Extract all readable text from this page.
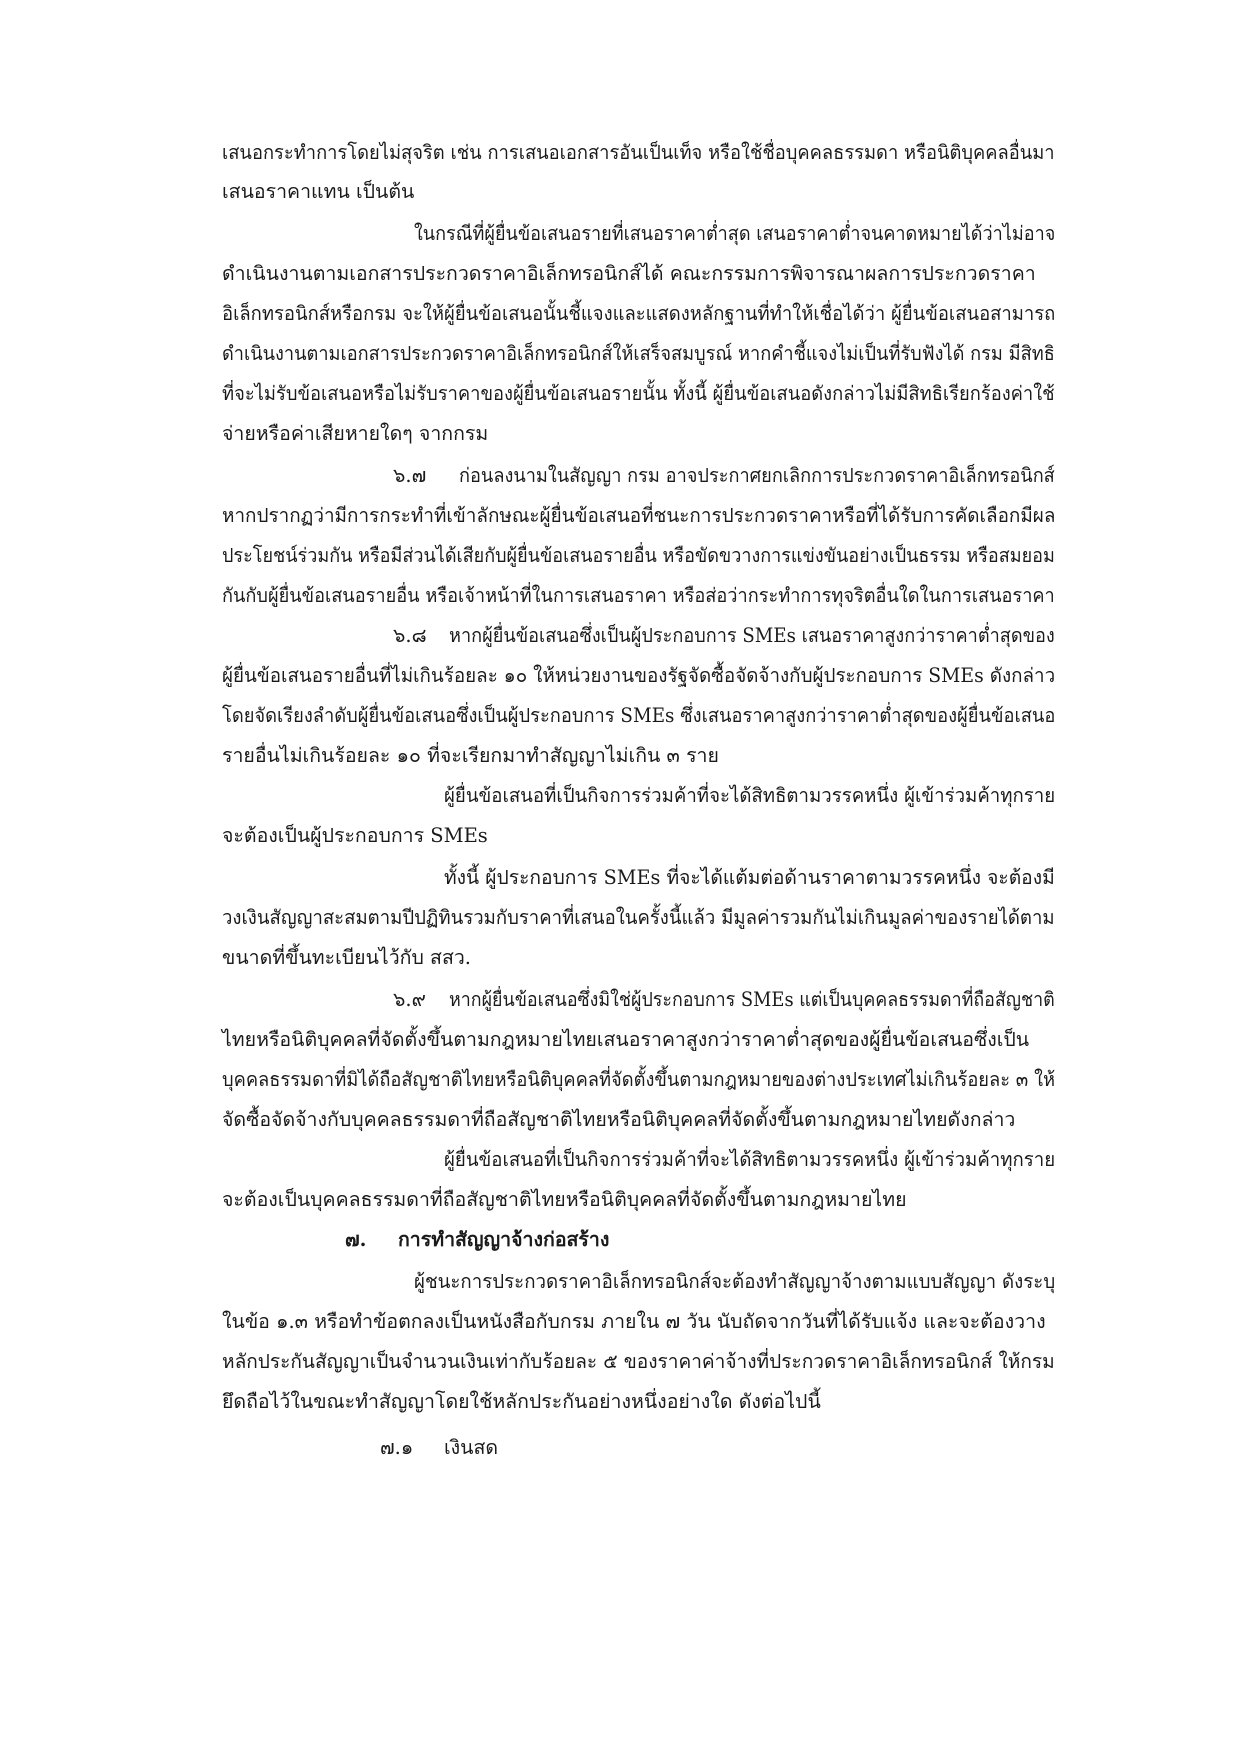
เสนอกระทำการโดยไม่สุจริต เช่น การเสนอเอกสารอันเป็นเท็จ หรือใช้ชื่อบุคคลธรรมดา หรือนิติบุคคลอื่นมา
เสนอราคาแทน เป็นต้น
ในกรณีที่ผู้ยื่นข้อเสนอรายที่เสนอราคาต่ำสุด เสนอราคาต่ำจนคาดหมายได้ว่าไม่อาจ
ดำเนินงานตามเอกสารประกวดราคาอิเล็กทรอนิกส์ได้ คณะกรรมการพิจารณาผลการประกวดราคา
อิเล็กทรอนิกส์หรือกรม จะให้ผู้ยื่นข้อเสนอนั้นชี้แจงและแสดงหลักฐานที่ทำให้เชื่อได้ว่า ผู้ยื่นข้อเสนอสามารถ
ดำเนินงานตามเอกสารประกวดราคาอิเล็กทรอนิกส์ให้เสร็จสมบูรณ์ หากคำชี้แจงไม่เป็นที่รับฟังได้ กรม มีสิทธิ
ที่จะไม่รับข้อเสนอหรือไม่รับราคาของผู้ยื่นข้อเสนอรายนั้น ทั้งนี้ ผู้ยื่นข้อเสนอดังกล่าวไม่มีสิทธิเรียกร้องค่าใช้
จ่ายหรือค่าเสียหายใดๆ จากกรม
๖.๗ ก่อนลงนามในสัญญา กรม อาจประกาศยกเลิกการประกวดราคาอิเล็กทรอนิกส์
หากปรากฏว่ามีการกระทำที่เข้าลักษณะผู้ยื่นข้อเสนอที่ชนะการประกวดราคาหรือที่ได้รับการคัดเลือกมีผล
ประโยชน์ร่วมกัน หรือมีส่วนได้เสียกับผู้ยื่นข้อเสนอรายอื่น หรือขัดขวางการแข่งขันอย่างเป็นธรรม หรือสมยอม
กันกับผู้ยื่นข้อเสนอรายอื่น หรือเจ้าหน้าที่ในการเสนอราคา หรือส่อว่ากระทำการทุจริตอื่นใดในการเสนอราคา
๖.๘ หากผู้ยื่นข้อเสนอซึ่งเป็นผู้ประกอบการ SMEs เสนอราคาสูงกว่าราคาต่ำสุดของ
ผู้ยื่นข้อเสนอรายอื่นที่ไม่เกินร้อยละ ๑๐ ให้หน่วยงานของรัฐจัดซื้อจัดจ้างกับผู้ประกอบการ SMEs ดังกล่าว
โดยจัดเรียงลำดับผู้ยื่นข้อเสนอซึ่งเป็นผู้ประกอบการ SMEs ซึ่งเสนอราคาสูงกว่าราคาต่ำสุดของผู้ยื่นข้อเสนอ
รายอื่นไม่เกินร้อยละ ๑๐ ที่จะเรียกมาทำสัญญาไม่เกิน ๓ ราย
ผู้ยื่นข้อเสนอที่เป็นกิจการร่วมค้าที่จะได้สิทธิตามวรรคหนึ่ง ผู้เข้าร่วมค้าทุกราย
จะต้องเป็นผู้ประกอบการ SMEs
ทั้งนี้ ผู้ประกอบการ SMEs ที่จะได้แต้มต่อด้านราคาตามวรรคหนึ่ง จะต้องมี
วงเงินสัญญาสะสมตามปีปฏิทินรวมกับราคาที่เสนอในครั้งนี้แล้ว มีมูลค่ารวมกันไม่เกินมูลค่าของรายได้ตาม
ขนาดที่ขึ้นทะเบียนไว้กับ สสว.
๖.๙ หากผู้ยื่นข้อเสนอซึ่งมิใช่ผู้ประกอบการ SMEs แต่เป็นบุคคลธรรมดาที่ถือสัญชาติ
ไทยหรือนิติบุคคลที่จัดตั้งขึ้นตามกฎหมายไทยเสนอราคาสูงกว่าราคาต่ำสุดของผู้ยื่นข้อเสนอซึ่งเป็น
บุคคลธรรมดาที่มิได้ถือสัญชาติไทยหรือนิติบุคคลที่จัดตั้งขึ้นตามกฎหมายของต่างประเทศไม่เกินร้อยละ ๓ ให้
จัดซื้อจัดจ้างกับบุคคลธรรมดาที่ถือสัญชาติไทยหรือนิติบุคคลที่จัดตั้งขึ้นตามกฎหมายไทยดังกล่าว
ผู้ยื่นข้อเสนอที่เป็นกิจการร่วมค้าที่จะได้สิทธิตามวรรคหนึ่ง ผู้เข้าร่วมค้าทุกราย
จะต้องเป็นบุคคลธรรมดาที่ถือสัญชาติไทยหรือนิติบุคคลที่จัดตั้งขึ้นตามกฎหมายไทย
๗. การทำสัญญาจ้างก่อสร้าง
ผู้ชนะการประกวดราคาอิเล็กทรอนิกส์จะต้องทำสัญญาจ้างตามแบบสัญญา ดังระบุ
ในข้อ ๑.๓ หรือทำข้อตกลงเป็นหนังสือกับกรม ภายใน ๗ วัน นับถัดจากวันที่ได้รับแจ้ง และจะต้องวาง
หลักประกันสัญญาเป็นจำนวนเงินเท่ากับร้อยละ ๕ ของราคาค่าจ้างที่ประกวดราคาอิเล็กทรอนิกส์ ให้กรม
ยึดถือไว้ในขณะทำสัญญาโดยใช้หลักประกันอย่างหนึ่งอย่างใด ดังต่อไปนี้
๗.๑ เงินสด
